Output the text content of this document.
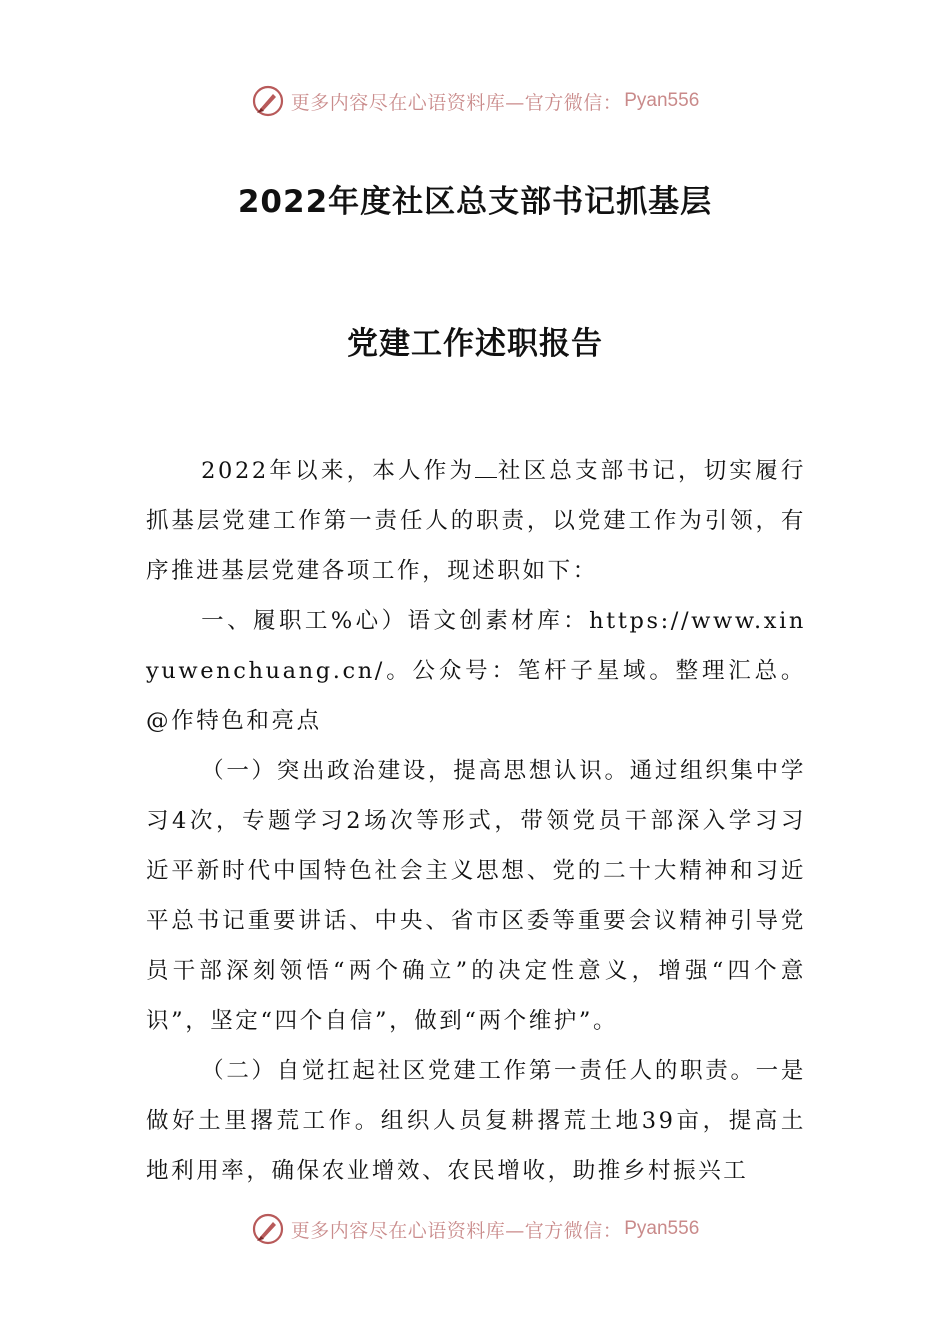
更多内容尽在心语资料库—官方微信： Pyan556
2022年度社区总支部书记抓基层
党建工作述职报告

2022年以来，本人作为 社区总支部书记，切实履行抓基层党建工作第一责任人的职责，以党建工作为引领，有序推进基层党建各项工作，现述职如下：

一、履职工%心）语文创素材库：https://www.xinyuwenchuang.cn/。公众号：笔杆子星域。整理汇总。@作特色和亮点

（一）突出政治建设，提高思想认识。通过组织集中学习4次，专题学习2场次等形式，带领党员干部深入学习习近平新时代中国特色社会主义思想、党的二十大精神和习近平总书记重要讲话、中央、省市区委等重要会议精神引导党员干部深刻领悟“两个确立”的决定性意义，增强“四个意识”，坚定“四个自信”，做到“两个维护”。

（二）自觉扛起社区党建工作第一责任人的职责。一是做好土里撂荒工作。组织人员复耕撂荒土地39亩，提高土地利用率，确保农业增效、农民增收，助推乡村振兴工

更多内容尽在心语资料库—官方微信： Pyan556
